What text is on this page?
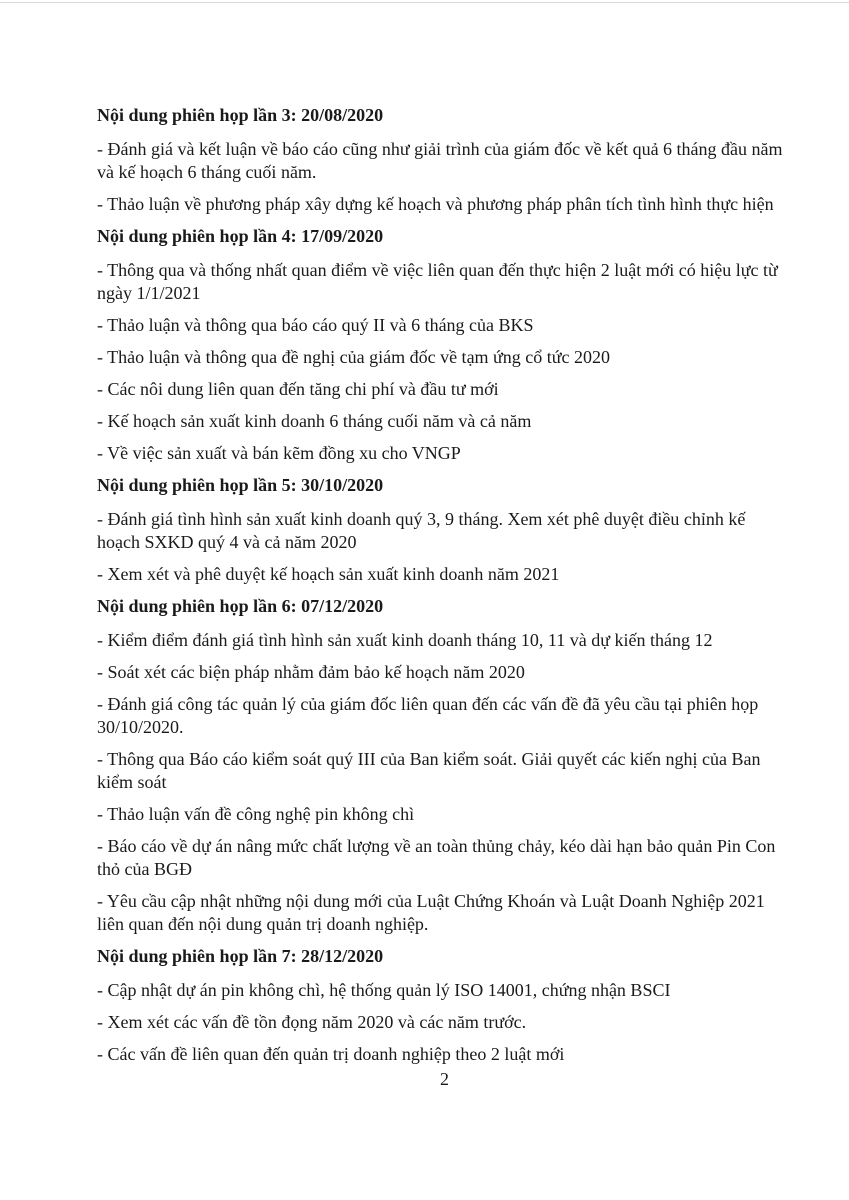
Nội dung phiên họp lần 3: 20/08/2020
- Đánh giá và kết luận về báo cáo cũng như giải trình của giám đốc về kết quả 6 tháng đầu năm và kế hoạch 6 tháng cuối năm.
- Thảo luận về phương pháp xây dựng kế hoạch và phương pháp phân tích tình hình thực hiện
Nội dung phiên họp lần 4: 17/09/2020
- Thông qua và thống nhất quan điểm về việc liên quan đến thực hiện 2 luật mới có hiệu lực từ ngày 1/1/2021
- Thảo luận và thông qua báo cáo quý II và 6 tháng của BKS
- Thảo luận và thông qua đề nghị của giám đốc về tạm ứng cổ tức 2020
- Các nôi dung liên quan đến tăng chi phí và đầu tư mới
- Kế hoạch sản xuất kinh doanh 6 tháng cuối năm và cả năm
- Về việc sản xuất và bán kẽm đồng xu cho VNGP
Nội dung phiên họp lần 5: 30/10/2020
- Đánh giá tình hình sản xuất kinh doanh quý 3, 9 tháng. Xem xét phê duyệt điều chỉnh kế hoạch SXKD quý 4 và cả năm 2020
- Xem xét và phê duyệt kế hoạch sản xuất kinh doanh năm 2021
Nội dung phiên họp lần 6: 07/12/2020
- Kiểm điểm đánh giá tình hình sản xuất kinh doanh tháng 10, 11 và dự kiến tháng 12
- Soát xét các biện pháp nhằm đảm bảo kế hoạch năm 2020
- Đánh giá công tác quản lý của giám đốc liên quan đến các vấn đề đã yêu cầu tại phiên họp 30/10/2020.
- Thông qua Báo cáo kiểm soát quý III của Ban kiểm soát. Giải quyết các kiến nghị của Ban kiểm soát
- Thảo luận vấn đề công nghệ pin không chì
- Báo cáo về dự án nâng mức chất lượng về an toàn thủng chảy, kéo dài hạn bảo quản Pin Con thỏ của BGĐ
- Yêu cầu cập nhật những nội dung mới của Luật Chứng Khoán và Luật Doanh Nghiệp 2021 liên quan đến nội dung quản trị doanh nghiệp.
Nội dung phiên họp lần 7: 28/12/2020
- Cập nhật dự án pin không chì, hệ thống quản lý ISO 14001, chứng nhận BSCI
- Xem xét các vấn đề tồn đọng năm 2020 và các năm trước.
- Các vấn đề liên quan đến quản trị doanh nghiệp theo 2 luật mới
2
